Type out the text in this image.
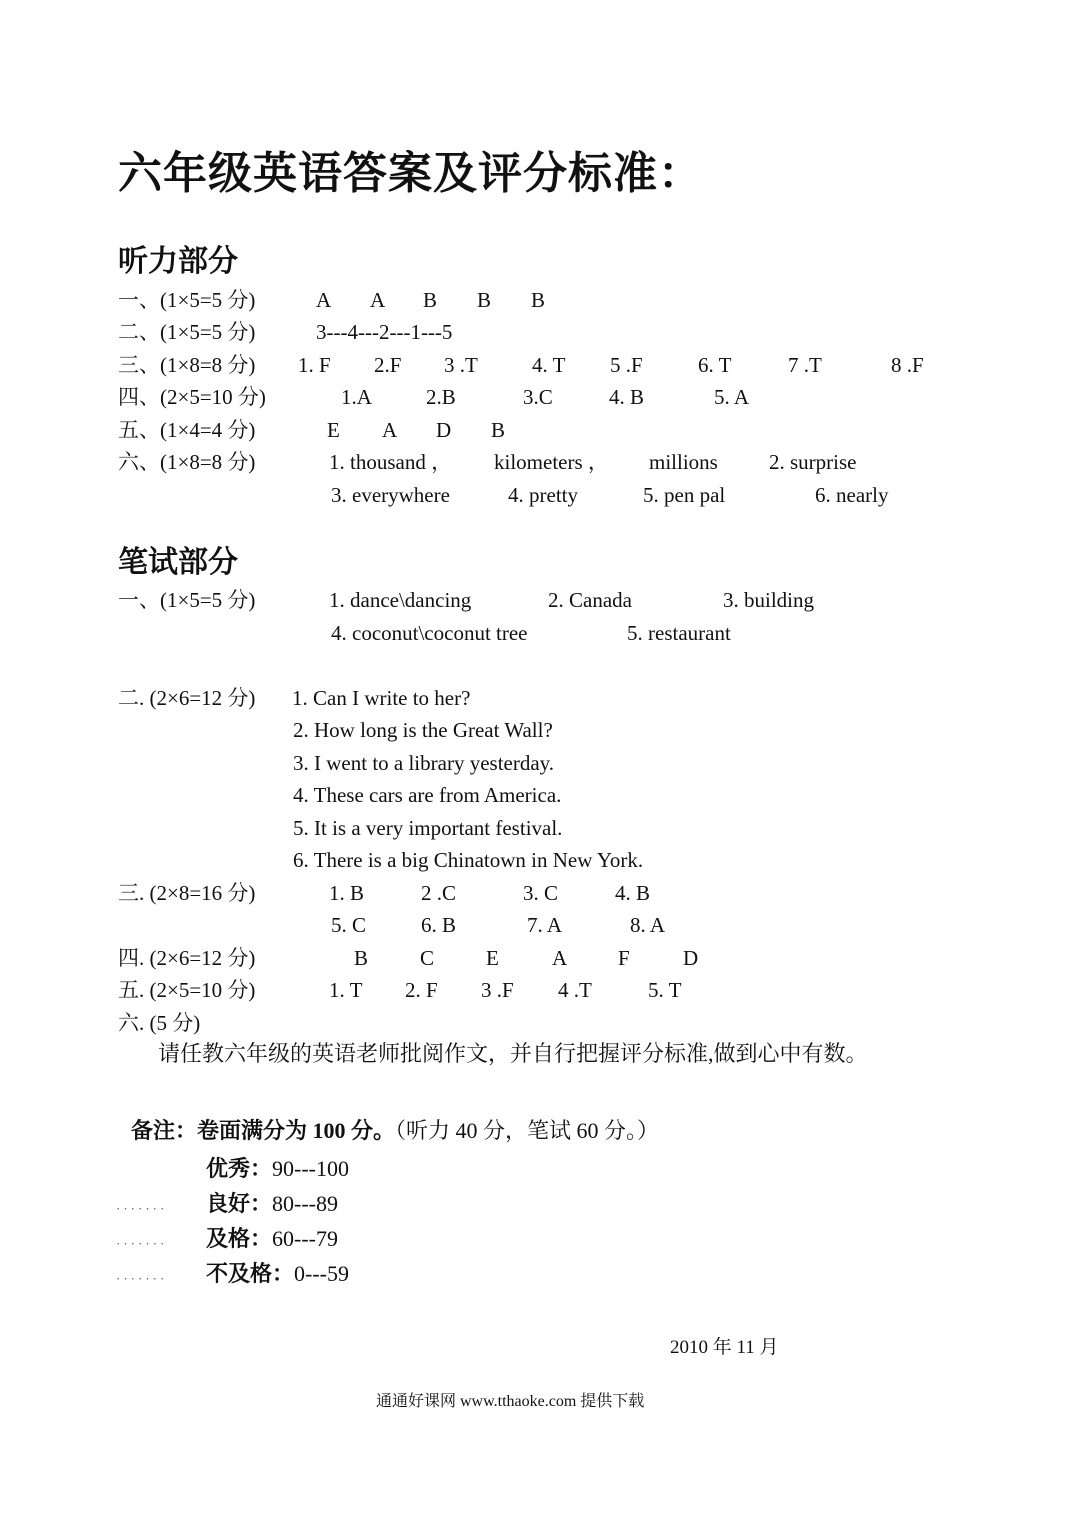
六年级英语答案及评分标准：
听力部分
一、(1×5=5 分)	A A B B B
二、(1×5=5 分)	3---4---2---1---5
三、(1×8=8 分) 1. F 2.F 3 .T	4. T 5 .F	6. T	7 .T	8 .F
四、(2×5=10 分)	1.A	2.B	3.C	4. B	5. A
五、(1×4=4 分)	E A D B
六、(1×8=8 分)	1. thousand ， kilometers ， millions 2. surprise
3. everywhere	4. pretty	5. pen pal	6. nearly
笔试部分
一、(1×5=5 分)	1. dance\dancing	2. Canada	3. building
4. coconut\coconut tree	5. restaurant
二. (2×6=12 分) 1. Can I write to her?
2. How long is the Great Wall?
3. I went to a library yesterday.
4. These cars are from America.
5. It is a very important festival.
6. There is a big Chinatown in New York.
三. (2×8=16 分)	1. B	2 .C	3. C	4. B
5. C	6. B	7. A	8. A
四. (2×6=12 分)	B C E	A F	D
五. (2×5=10 分)	1. T 2. F 3 .F 4 .T	5. T
六. (5 分)
请任教六年级的英语老师批阅作文，并自行把握评分标准,做到心中有数。
备注：卷面满分为 100 分。（听力 40 分，笔试 60 分。）
优秀：90---100
······· 良好：80---89
······· 及格：60---79
······· 不及格：0---59
2010 年 11 月
通通好课网 www.tthaoke.com 提供下载
